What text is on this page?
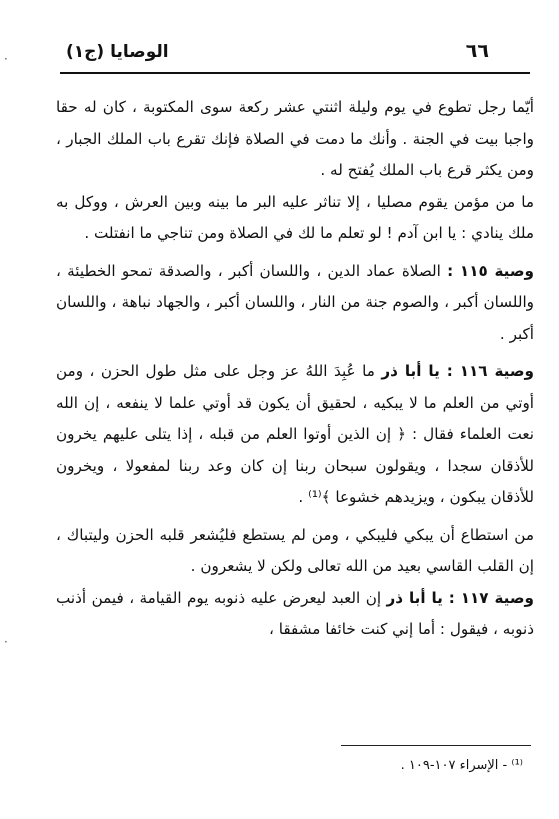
٦٦
الوصايا (ج١)

أيّما رجل تطوع في يوم وليلة اثنتي عشر ركعة سوى المكتوبة ، كان له حقا واجبا بيت في الجنة . وأنك ما دمت في الصلاة فإنك تقرع باب الملك الجبار ، ومن يكثر قرع باب الملك يُفتح له .

ما من مؤمن يقوم مصليا ، إلا تناثر عليه البر ما بينه وبين العرش ، ووكل به ملك ينادي : يا ابن آدم ! لو تعلم ما لك في الصلاة ومن تناجي ما انفتلت .

وصية ١١٥ : الصلاة عماد الدين ، واللسان أكبر ، والصدقة تمحو الخطيئة ، واللسان أكبر ، والصوم جنة من النار ، واللسان أكبر ، والجهاد نباهة ، واللسان أكبر .

وصية ١١٦ : يا أبا ذر ما عُبِدَ اللهُ عز وجل على مثل طول الحزن ، ومن أوتي من العلم ما لا يبكيه ، لحقيق أن يكون قد أوتي علما لا ينفعه ، إن الله نعت العلماء فقال : ﴿ إن الذين أوتوا العلم من قبله ، إذا يتلى عليهم يخرون للأذقان سجدا ، ويقولون سبحان ربنا إن كان وعد ربنا لمفعولا ، ويخرون للأذقان يبكون ، ويزيدهم خشوعا ﴾⁽¹⁾ .

من استطاع أن يبكي فليبكي ، ومن لم يستطع فليُشعر قلبه الحزن وليتباك ، إن القلب القاسي بعيد من الله تعالى ولكن لا يشعرون .

وصية ١١٧ : يا أبا ذر إن العبد ليعرض عليه ذنوبه يوم القيامة ، فيمن أذنب ذنوبه ، فيقول : أما إني كنت خائفا مشفقا ،

⁽¹⁾ - الإسراء ١٠٧-١٠٩ .
·
·
